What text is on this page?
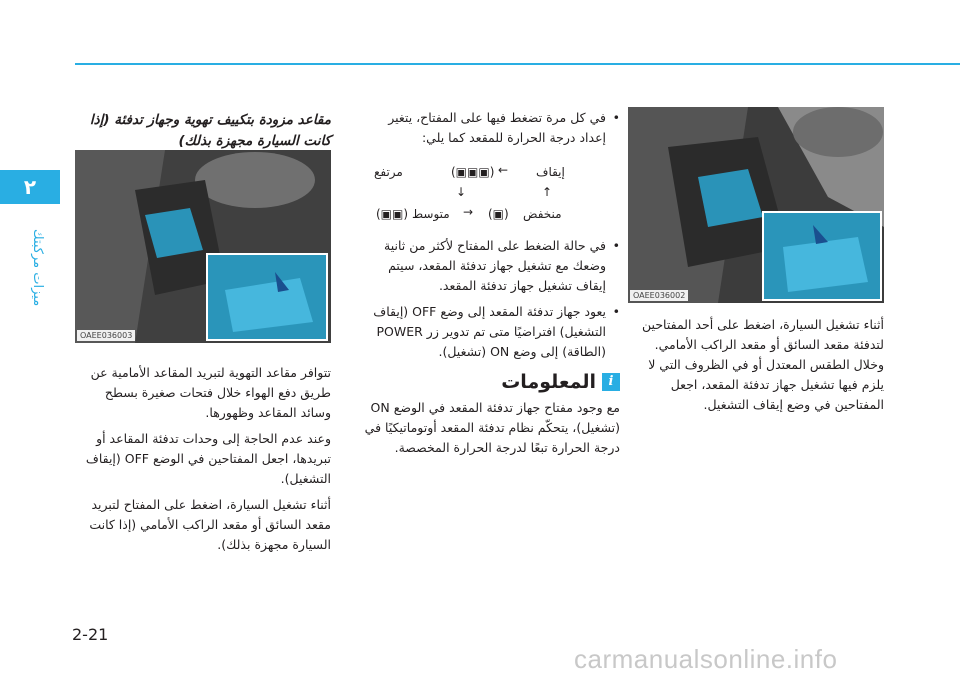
٢
ميزات مركبتك	OAEE036002
OAEE036003

أثناء تشغيل السيارة، اضغط على أحد المفتاحين لتدفئة مقعد السائق أو مقعد الراكب الأمامي. وخلال الطقس المعتدل أو في الظروف التي لا يلزم فيها تشغيل جهاز تدفئة المقعد، اجعل المفتاحين في وضع إيقاف التشغيل.

• في كل مرة تضغط فيها على المفتاح، يتغير إعداد درجة الحرارة للمقعد كما يلي:

إيقاف
←
مرتفع	(▣▣▣)
↑
↓
منخفض
(▣)
→
(▣▣) متوسط

• في حالة الضغط على المفتاح لأكثر من ثانية وضعك مع تشغيل جهاز تدفئة المقعد، سيتم إيقاف تشغيل جهاز تدفئة المقعد.

• يعود جهاز تدفئة المقعد إلى وضع OFF (إيقاف التشغيل) افتراضيًا متى تم تدوير زر POWER (الطاقة) إلى وضع ON (تشغيل).

i
المعلومات

مع وجود مفتاح جهاز تدفئة المقعد في الوضع ON (تشغيل)، يتحكّم نظام تدفئة المقعد أوتوماتيكيًا في درجة الحرارة تبعًا لدرجة الحرارة المخصصة.

مقاعد مزودة بتكييف تهوية وجهاز تدفئة (إذا كانت السيارة مجهزة بذلك)

تتوافر مقاعد التهوية لتبريد المقاعد الأمامية عن طريق دفع الهواء خلال فتحات صغيرة بسطح وسائد المقاعد وظهورها.

وعند عدم الحاجة إلى وحدات تدفئة المقاعد أو تبريدها، اجعل المفتاحين في الوضع OFF (إيقاف التشغيل).

أثناء تشغيل السيارة، اضغط على المفتاح لتبريد مقعد السائق أو مقعد الراكب الأمامي (إذا كانت السيارة مجهزة بذلك).

2-21
carmanualsonline.info
